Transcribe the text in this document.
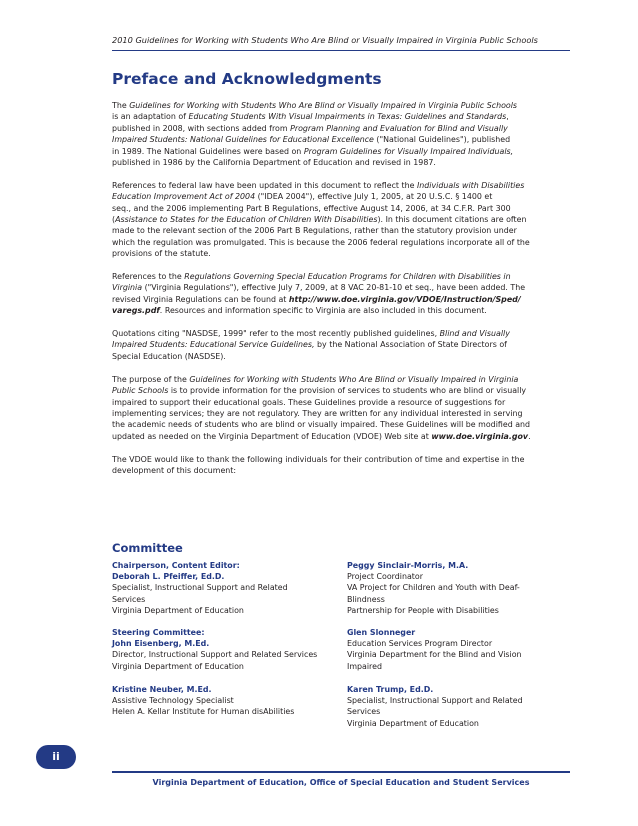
2010 Guidelines for Working with Students Who Are Blind or Visually Impaired in Virginia Public Schools
Preface and Acknowledgments

The Guidelines for Working with Students Who Are Blind or Visually Impaired in Virginia Public Schools
is an adaptation of Educating Students With Visual Impairments in Texas: Guidelines and Standards,
published in 2008, with sections added from Program Planning and Evaluation for Blind and Visually
Impaired Students: National Guidelines for Educational Excellence ("National Guidelines"), published
in 1989. The National Guidelines were based on Program Guidelines for Visually Impaired Individuals,
published in 1986 by the California Department of Education and revised in 1987.

References to federal law have been updated in this document to reflect the Individuals with Disabilities
Education Improvement Act of 2004 ("IDEA 2004"), effective July 1, 2005, at 20 U.S.C. § 1400 et
seq., and the 2006 implementing Part B Regulations, effective August 14, 2006, at 34 C.F.R. Part 300
(Assistance to States for the Education of Children With Disabilities). In this document citations are often
made to the relevant section of the 2006 Part B Regulations, rather than the statutory provision under
which the regulation was promulgated. This is because the 2006 federal regulations incorporate all of the
provisions of the statute.

References to the Regulations Governing Special Education Programs for Children with Disabilities in
Virginia ("Virginia Regulations"), effective July 7, 2009, at 8 VAC 20-81-10 et seq., have been added. The
revised Virginia Regulations can be found at http://www.doe.virginia.gov/VDOE/Instruction/Sped/
varegs.pdf. Resources and information specific to Virginia are also included in this document.

Quotations citing "NASDSE, 1999" refer to the most recently published guidelines, Blind and Visually
Impaired Students: Educational Service Guidelines, by the National Association of State Directors of
Special Education (NASDSE).

The purpose of the Guidelines for Working with Students Who Are Blind or Visually Impaired in Virginia
Public Schools is to provide information for the provision of services to students who are blind or visually
impaired to support their educational goals. These Guidelines provide a resource of suggestions for
implementing services; they are not regulatory. They are written for any individual interested in serving
the academic needs of students who are blind or visually impaired. These Guidelines will be modified and
updated as needed on the Virginia Department of Education (VDOE) Web site at www.doe.virginia.gov.

The VDOE would like to thank the following individuals for their contribution of time and expertise in the
development of this document:

Committee
Chairperson, Content Editor:
Deborah L. Pfeiffer, Ed.D.
Specialist, Instructional Support and Related
Services
Virginia Department of Education
Steering Committee:
John Eisenberg, M.Ed.
Director, Instructional Support and Related Services
Virginia Department of Education
Kristine Neuber, M.Ed.
Assistive Technology Specialist
Helen A. Kellar Institute for Human disAbilities
Peggy Sinclair-Morris, M.A.
Project Coordinator
VA Project for Children and Youth with Deaf-
Blindness
Partnership for People with Disabilities
Glen Slonneger
Education Services Program Director
Virginia Department for the Blind and Vision
Impaired
Karen Trump, Ed.D.
Specialist, Instructional Support and Related
Services
Virginia Department of Education
ii
Virginia Department of Education, Office of Special Education and Student Services
